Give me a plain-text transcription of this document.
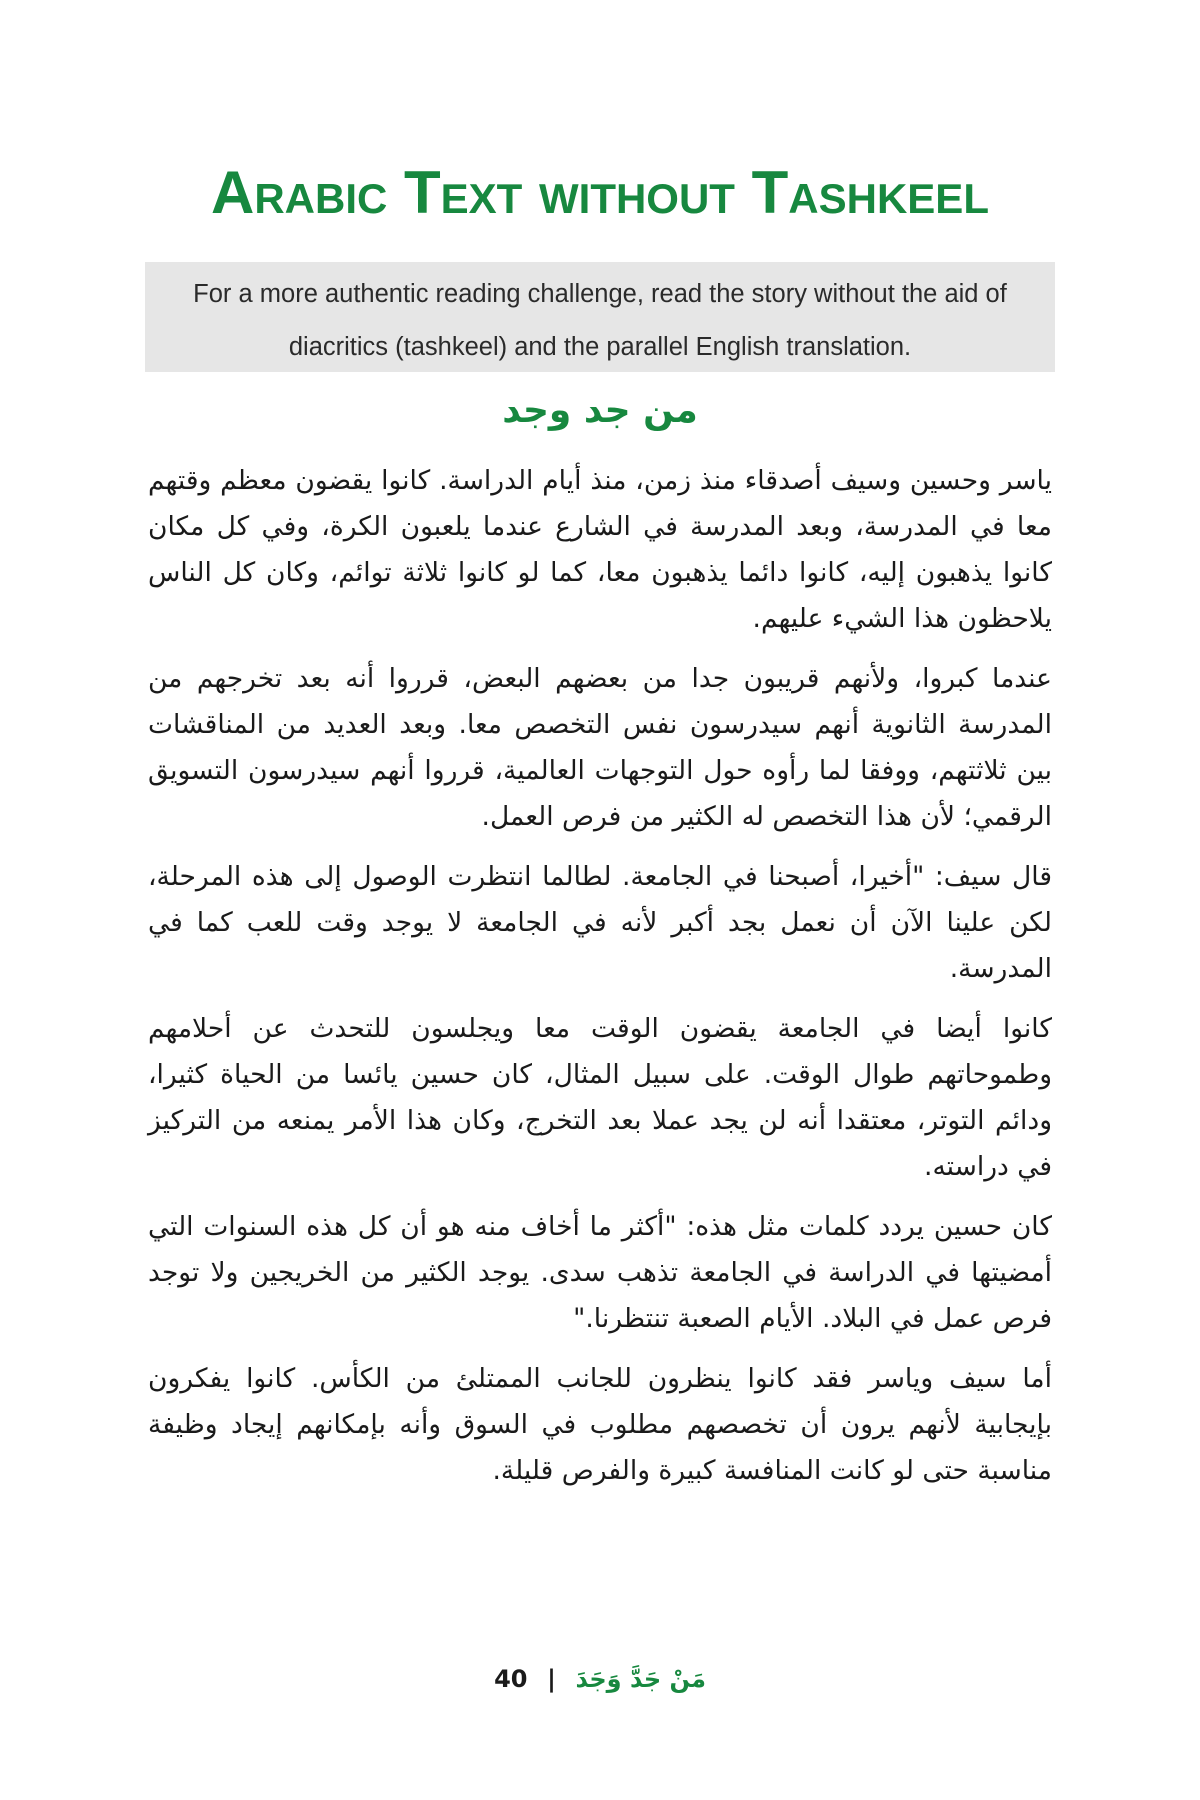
Arabic Text without Tashkeel
For a more authentic reading challenge, read the story without the aid of diacritics (tashkeel) and the parallel English translation.
من جد وجد

ياسر وحسين وسيف أصدقاء منذ زمن، منذ أيام الدراسة. كانوا يقضون معظم وقتهم معا في المدرسة، وبعد المدرسة في الشارع عندما يلعبون الكرة، وفي كل مكان كانوا يذهبون إليه، كانوا دائما يذهبون معا، كما لو كانوا ثلاثة توائم، وكان كل الناس يلاحظون هذا الشيء عليهم.

عندما كبروا، ولأنهم قريبون جدا من بعضهم البعض، قرروا أنه بعد تخرجهم من المدرسة الثانوية أنهم سيدرسون نفس التخصص معا. وبعد العديد من المناقشات بين ثلاثتهم، ووفقا لما رأوه حول التوجهات العالمية، قرروا أنهم سيدرسون التسويق الرقمي؛ لأن هذا التخصص له الكثير من فرص العمل.

قال سيف: "أخيرا، أصبحنا في الجامعة. لطالما انتظرت الوصول إلى هذه المرحلة، لكن علينا الآن أن نعمل بجد أكبر لأنه في الجامعة لا يوجد وقت للعب كما في المدرسة.

كانوا أيضا في الجامعة يقضون الوقت معا ويجلسون للتحدث عن أحلامهم وطموحاتهم طوال الوقت. على سبيل المثال، كان حسين يائسا من الحياة كثيرا، ودائم التوتر، معتقدا أنه لن يجد عملا بعد التخرج، وكان هذا الأمر يمنعه من التركيز في دراسته.

كان حسين يردد كلمات مثل هذه: "أكثر ما أخاف منه هو أن كل هذه السنوات التي أمضيتها في الدراسة في الجامعة تذهب سدى. يوجد الكثير من الخريجين ولا توجد فرص عمل في البلاد. الأيام الصعبة تنتظرنا."

أما سيف وياسر فقد كانوا ينظرون للجانب الممتلئ من الكأس. كانوا يفكرون بإيجابية لأنهم يرون أن تخصصهم مطلوب في السوق وأنه بإمكانهم إيجاد وظيفة مناسبة حتى لو كانت المنافسة كبيرة والفرص قليلة.

40 | مَنْ جَدَّ وَجَدَ
